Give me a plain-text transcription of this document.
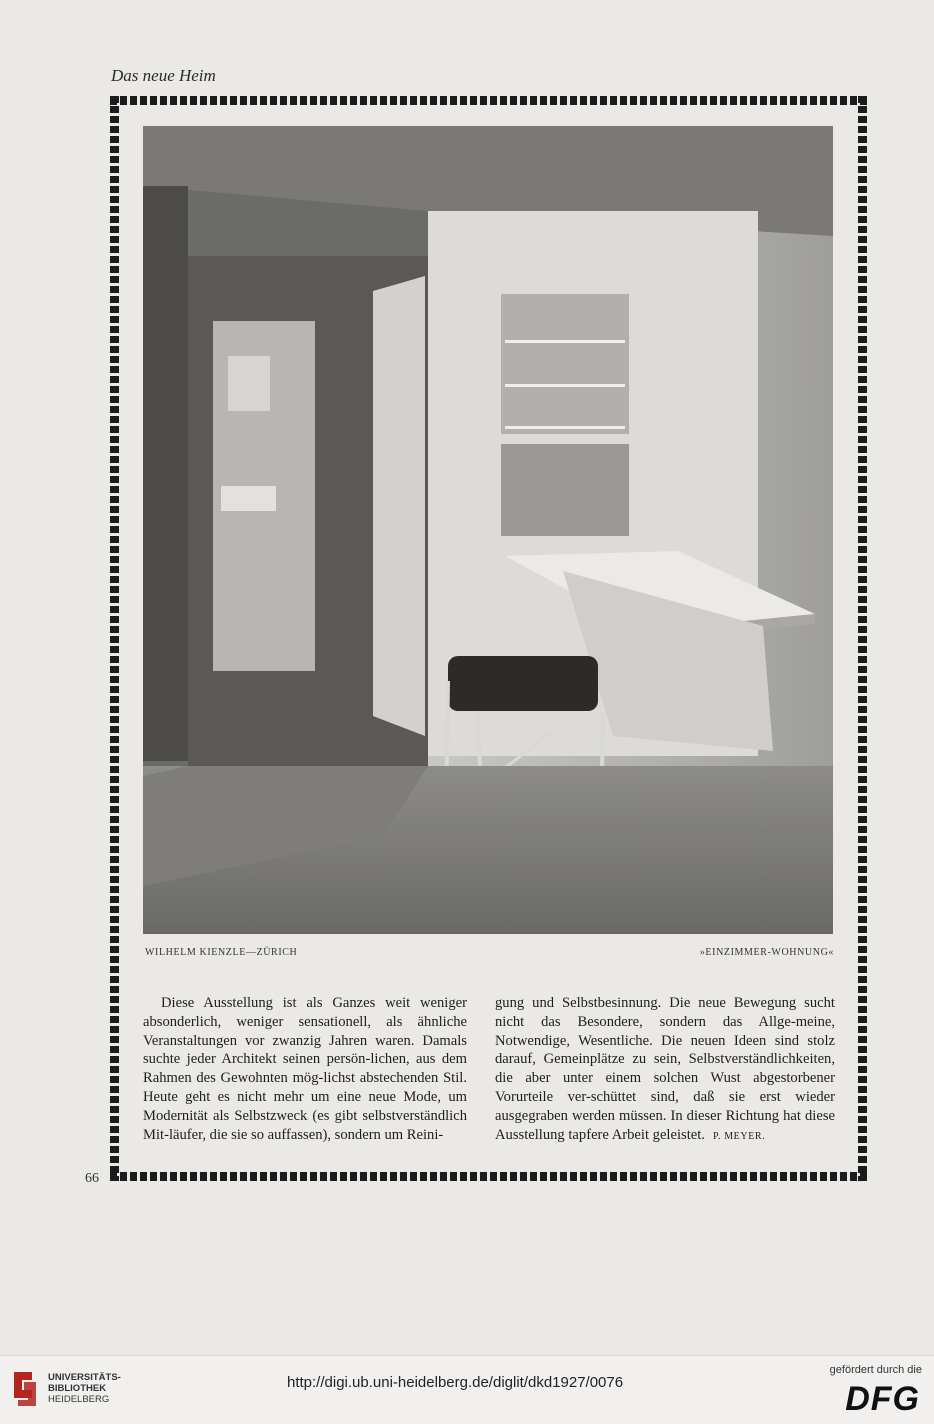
Das neue Heim
WILHELM KIENZLE—ZÜRICH	»EINZIMMER-WOHNUNG«
Diese Ausstellung ist als Ganzes weit weniger absonderlich, weniger sensationell, als ähnliche Veranstaltungen vor zwanzig Jahren waren. Damals suchte jeder Architekt seinen persön-lichen, aus dem Rahmen des Gewohnten mög-lichst abstechenden Stil. Heute geht es nicht mehr um eine neue Mode, um Modernität als Selbstzweck (es gibt selbstverständlich Mit-läufer, die sie so auffassen), sondern um Reini-
gung und Selbstbesinnung. Die neue Bewegung sucht nicht das Besondere, sondern das Allge-meine, Notwendige, Wesentliche. Die neuen Ideen sind stolz darauf, Gemeinplätze zu sein, Selbstverständlichkeiten, die aber unter einem solchen Wust abgestorbener Vorurteile ver-schüttet sind, daß sie erst wieder ausgegraben werden müssen. In dieser Richtung hat diese Ausstellung tapfere Arbeit geleistet. P. MEYER.
66
UNIVERSITÄTS-
BIBLIOTHEK
HEIDELBERG
http://digi.ub.uni-heidelberg.de/diglit/dkd1927/0076
gefördert durch die
DFG
